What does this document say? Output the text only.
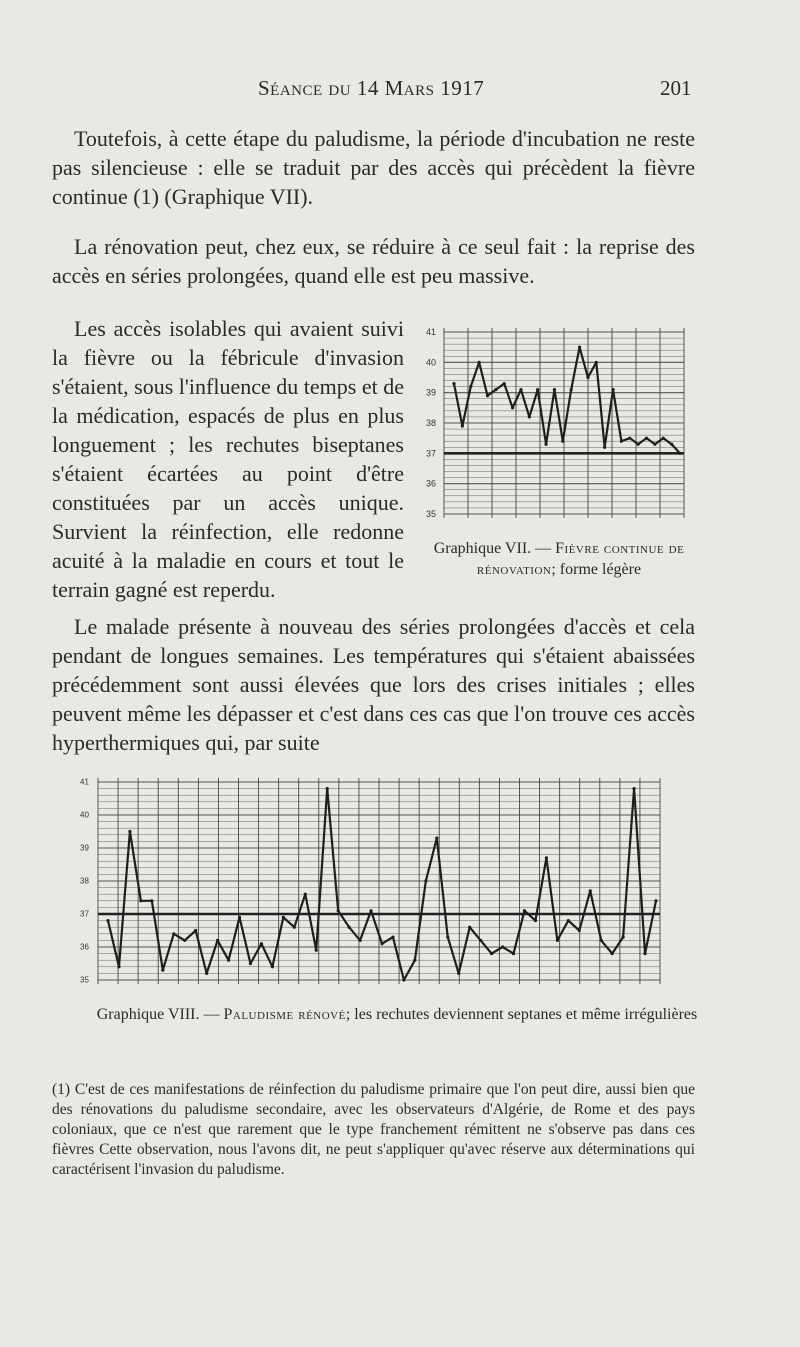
Séance du 14 Mars 1917	201
Toutefois, à cette étape du paludisme, la période d'incubation ne reste pas silencieuse : elle se traduit par des accès qui précèdent la fièvre continue (1) (Graphique VII).
La rénovation peut, chez eux, se réduire à ce seul fait : la reprise des accès en séries prolongées, quand elle est peu massive.
Les accès isolables qui avaient suivi la fièvre ou la fébricule d'invasion s'étaient, sous l'influence du temps et de la médication, espacés de plus en plus longuement ; les rechutes biseptanes s'étaient écartées au point d'être constituées par un accès unique. Survient la réinfection, elle redonne acuité à la maladie en cours et tout le terrain gagné est reperdu.
Le malade présente à nouveau des séries prolongées d'accès et cela pendant de longues semaines. Les températures qui s'étaient abaissées précédemment sont aussi élevées que lors des crises initiales ; elles peuvent même les dépasser et c'est dans ces cas que l'on trouve ces accès hyperthermiques qui, par suite
41
40
39
38
37
36
35
Graphique VII. — Fièvre continue de rénovation; forme légère
41
40
39
38
37
36
35
Graphique VIII. — Paludisme rénové; les rechutes deviennent septanes et même irrégulières
(1) C'est de ces manifestations de réinfection du paludisme primaire que l'on peut dire, aussi bien que des rénovations du paludisme secondaire, avec les observateurs d'Algérie, de Rome et des pays coloniaux, que ce n'est que rarement que le type franchement rémittent ne s'observe pas dans ces fièvres Cette observation, nous l'avons dit, ne peut s'appliquer qu'avec réserve aux déterminations qui caractérisent l'invasion du paludisme.
